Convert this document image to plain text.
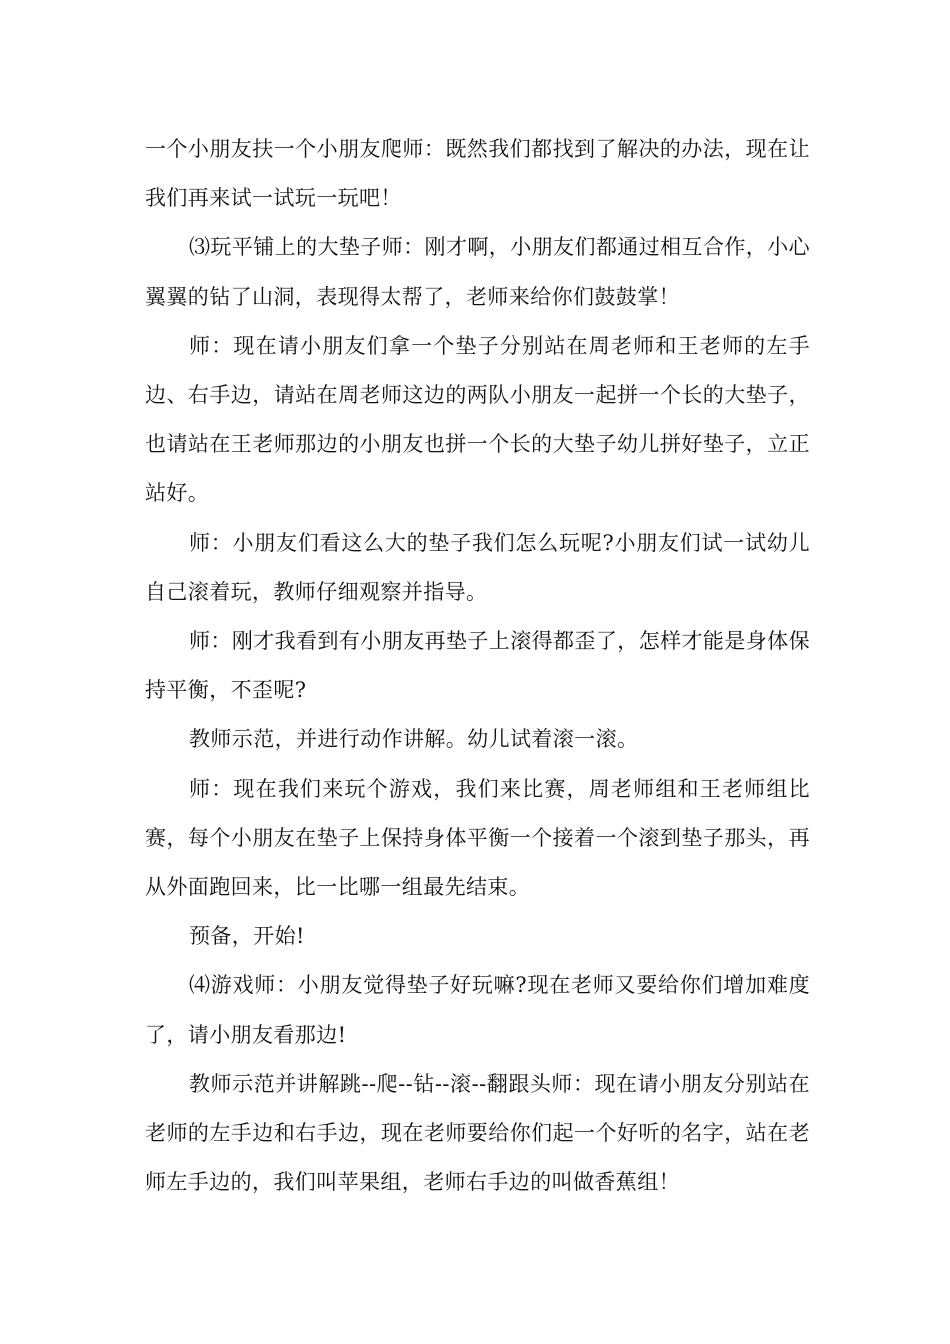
一个小朋友扶一个小朋友爬师：既然我们都找到了解决的办法，现在让我们再来试一试玩一玩吧！

⑶玩平铺上的大垫子师：刚才啊，小朋友们都通过相互合作，小心翼翼的钻了山洞，表现得太帮了，老师来给你们鼓鼓掌！

师：现在请小朋友们拿一个垫子分别站在周老师和王老师的左手边、右手边，请站在周老师这边的两队小朋友一起拼一个长的大垫子，也请站在王老师那边的小朋友也拼一个长的大垫子幼儿拼好垫子，立正站好。

师：小朋友们看这么大的垫子我们怎么玩呢?小朋友们试一试幼儿自己滚着玩，教师仔细观察并指导。

师：刚才我看到有小朋友再垫子上滚得都歪了，怎样才能是身体保持平衡，不歪呢?

教师示范，并进行动作讲解。幼儿试着滚一滚。

师：现在我们来玩个游戏，我们来比赛，周老师组和王老师组比赛，每个小朋友在垫子上保持身体平衡一个接着一个滚到垫子那头，再从外面跑回来，比一比哪一组最先结束。

预备，开始!

⑷游戏师：小朋友觉得垫子好玩嘛?现在老师又要给你们增加难度了，请小朋友看那边!

教师示范并讲解跳--爬--钻--滚--翻跟头师：现在请小朋友分别站在老师的左手边和右手边，现在老师要给你们起一个好听的名字，站在老师左手边的，我们叫苹果组，老师右手边的叫做香蕉组！
